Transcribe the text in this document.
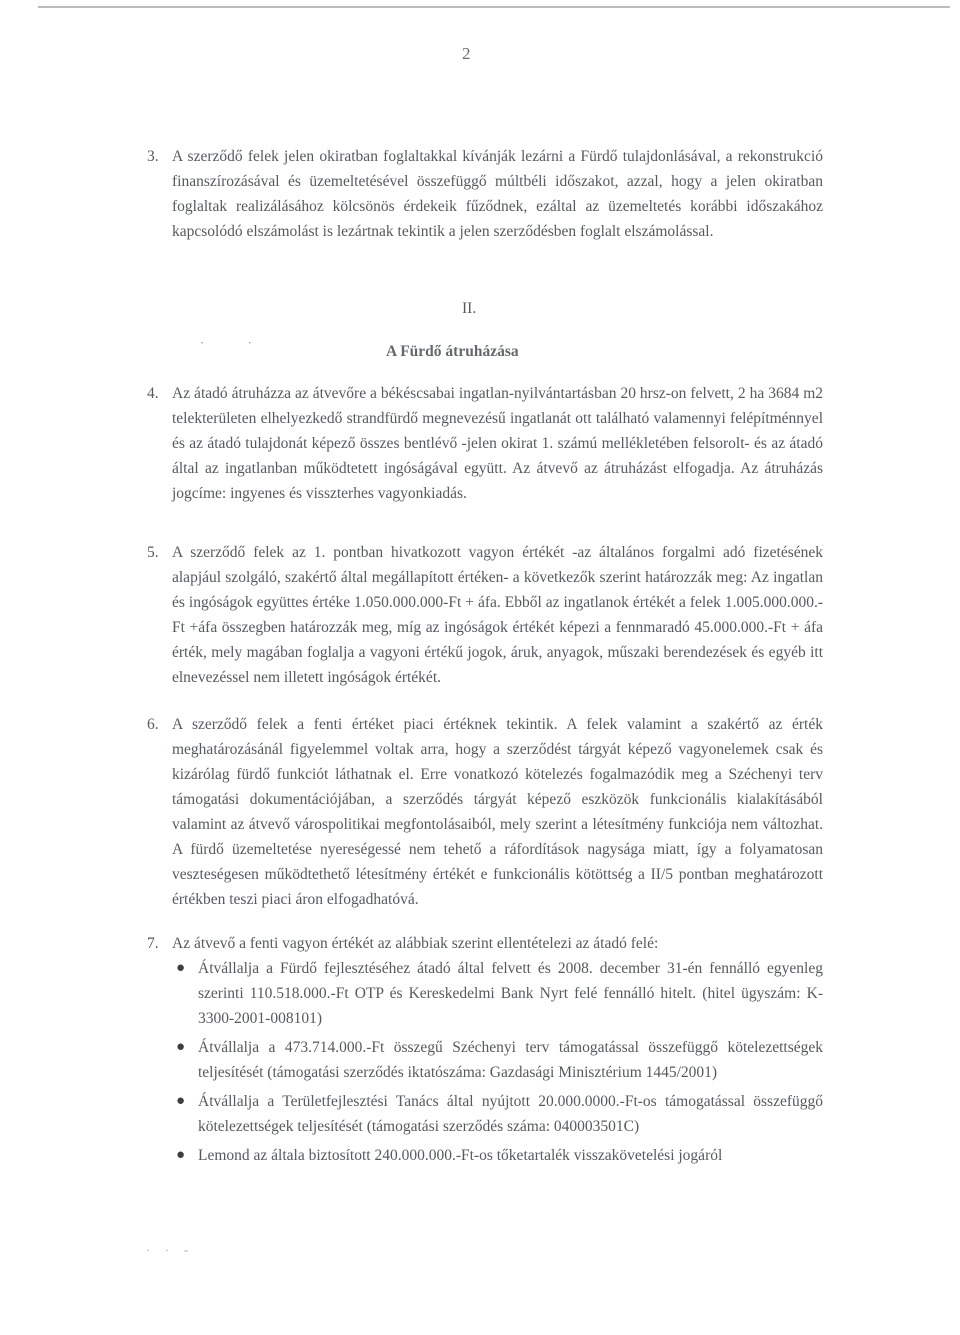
2
3. A szerződő felek jelen okiratban foglaltakkal kívánják lezárni a Fürdő tulajdonlásával, a rekonstrukció finanszírozásával és üzemeltetésével összefüggő múltbéli időszakot, azzal, hogy a jelen okiratban foglaltak realizálásához kölcsönös érdekeik fűződnek, ezáltal az üzemeltetés korábbi időszakához kapcsolódó elszámolást is lezártnak tekintik a jelen szerződésben foglalt elszámolással.
II.
· ·
A Fürdő átruházása
4. Az átadó átruházza az átvevőre a békéscsabai ingatlan-nyilvántartásban 20 hrsz-on felvett, 2 ha 3684 m2 telekterületen elhelyezkedő strandfürdő megnevezésű ingatlanát ott található valamennyi felépítménnyel és az átadó tulajdonát képező összes bentlévő -jelen okirat 1. számú mellékletében felsorolt- és az átadó által az ingatlanban működtetett ingóságával együtt. Az átvevő az átruházást elfogadja. Az átruházás jogcíme: ingyenes és visszterhes vagyonkiadás.
5. A szerződő felek az 1. pontban hivatkozott vagyon értékét -az általános forgalmi adó fizetésének alapjául szolgáló, szakértő által megállapított értéken- a következők szerint határozzák meg: Az ingatlan és ingóságok együttes értéke 1.050.000.000-Ft + áfa. Ebből az ingatlanok értékét a felek 1.005.000.000.-Ft +áfa összegben határozzák meg, míg az ingóságok értékét képezi a fennmaradó 45.000.000.-Ft + áfa érték, mely magában foglalja a vagyoni értékű jogok, áruk, anyagok, műszaki berendezések és egyéb itt elnevezéssel nem illetett ingóságok értékét.
6. A szerződő felek a fenti értéket piaci értéknek tekintik. A felek valamint a szakértő az érték meghatározásánál figyelemmel voltak arra, hogy a szerződést tárgyát képező vagyonelemek csak és kizárólag fürdő funkciót láthatnak el. Erre vonatkozó kötelezés fogalmazódik meg a Széchenyi terv támogatási dokumentációjában, a szerződés tárgyát képező eszközök funkcionális kialakításából valamint az átvevő várospolitikai megfontolásaiból, mely szerint a létesítmény funkciója nem változhat. A fürdő üzemeltetése nyereségessé nem tehető a ráfordítások nagysága miatt, így a folyamatosan veszteségesen működtethető létesítmény értékét e funkcionális kötöttség a II/5 pontban meghatározott értékben teszi piaci áron elfogadhatóvá.
7. Az átvevő a fenti vagyon értékét az alábbiak szerint ellentételezi az átadó felé:
● Átvállalja a Fürdő fejlesztéséhez átadó által felvett és 2008. december 31-én fennálló egyenleg szerinti 110.518.000.-Ft OTP és Kereskedelmi Bank Nyrt felé fennálló hitelt. (hitel ügyszám: K-3300-2001-008101)
● Átvállalja a 473.714.000.-Ft összegű Széchenyi terv támogatással összefüggő kötelezettségek teljesítését (támogatási szerződés iktatószáma: Gazdasági Minisztérium 1445/2001)
● Átvállalja a Területfejlesztési Tanács által nyújtott 20.000.0000.-Ft-os támogatással összefüggő kötelezettségek teljesítését (támogatási szerződés száma: 040003501C)
● Lemond az általa biztosított 240.000.000.-Ft-os tőketartalék visszakövetelési jogáról
· · -
